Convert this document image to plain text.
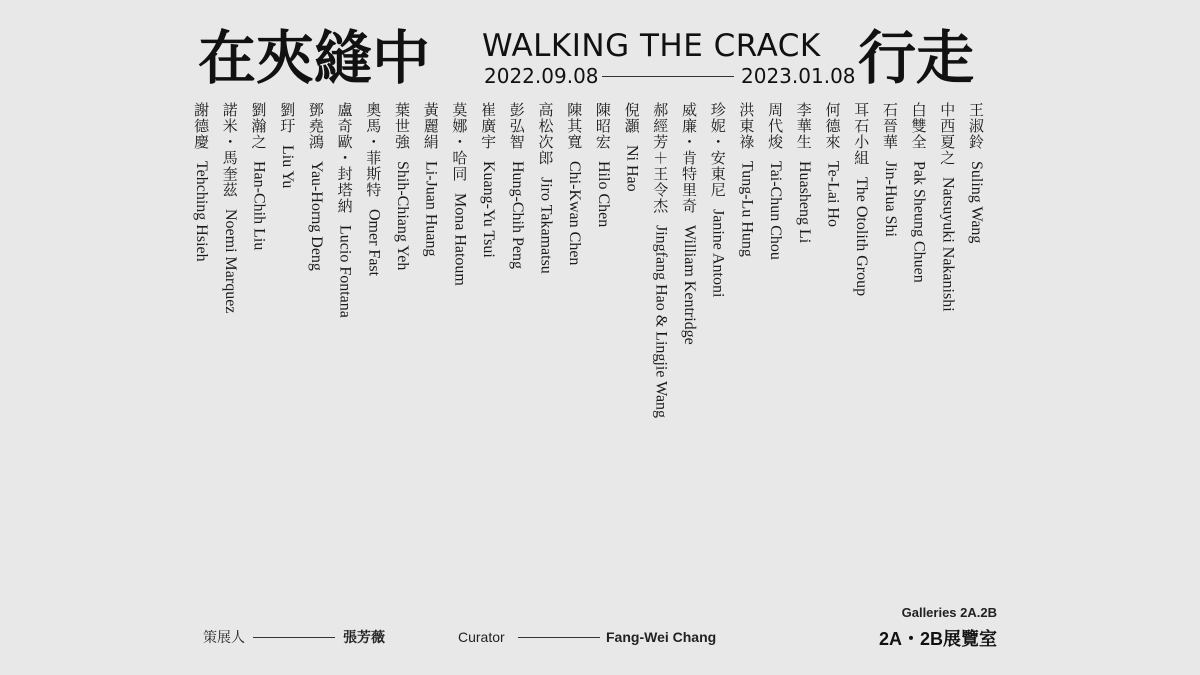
在夾縫中 WALKING THE CRACK 行走
2022.09.08	2023.01.08
王淑鈴 Suling Wang
中西夏之 Natsuyuki Nakanishi
白雙全 Pak Sheung Chuen
石晉華 Jin-Hua Shi
耳石小組 The Otolith Group
何德來 Te-Lai Ho
李華生 Huasheng Li
周代焌 Tai-Chun Chou
洪東祿 Tung-Lu Hung
珍妮・安東尼 Janine Antoni
威廉・肯特里奇 William Kentridge
郝經芳＋王令杰 Jingfang Hao & Lingjie Wang
倪灝 Ni Hao
陳昭宏 Hilo Chen
陳其寬 Chi-Kwan Chen
高松次郎 Jiro Takamatsu
彭弘智 Hung-Chih Peng
崔廣宇 Kuang-Yu Tsui
莫娜・哈同 Mona Hatoum
黃麗絹 Li-Juan Huang
葉世強 Shih-Chiang Yeh
奧馬・菲斯特 Omer Fast
盧奇歐・封塔納 Lucio Fontana
鄧堯鴻 Yau-Horng Deng
劉玗 Liu Yu
劉瀚之 Han-Chih Liu
諾米・馬奎茲 Noemi Marquez
謝德慶 Tehching Hsieh
策展人	張芳薇	Curator	Fang-Wei Chang
Galleries 2A.2B
2A・2B展覽室
